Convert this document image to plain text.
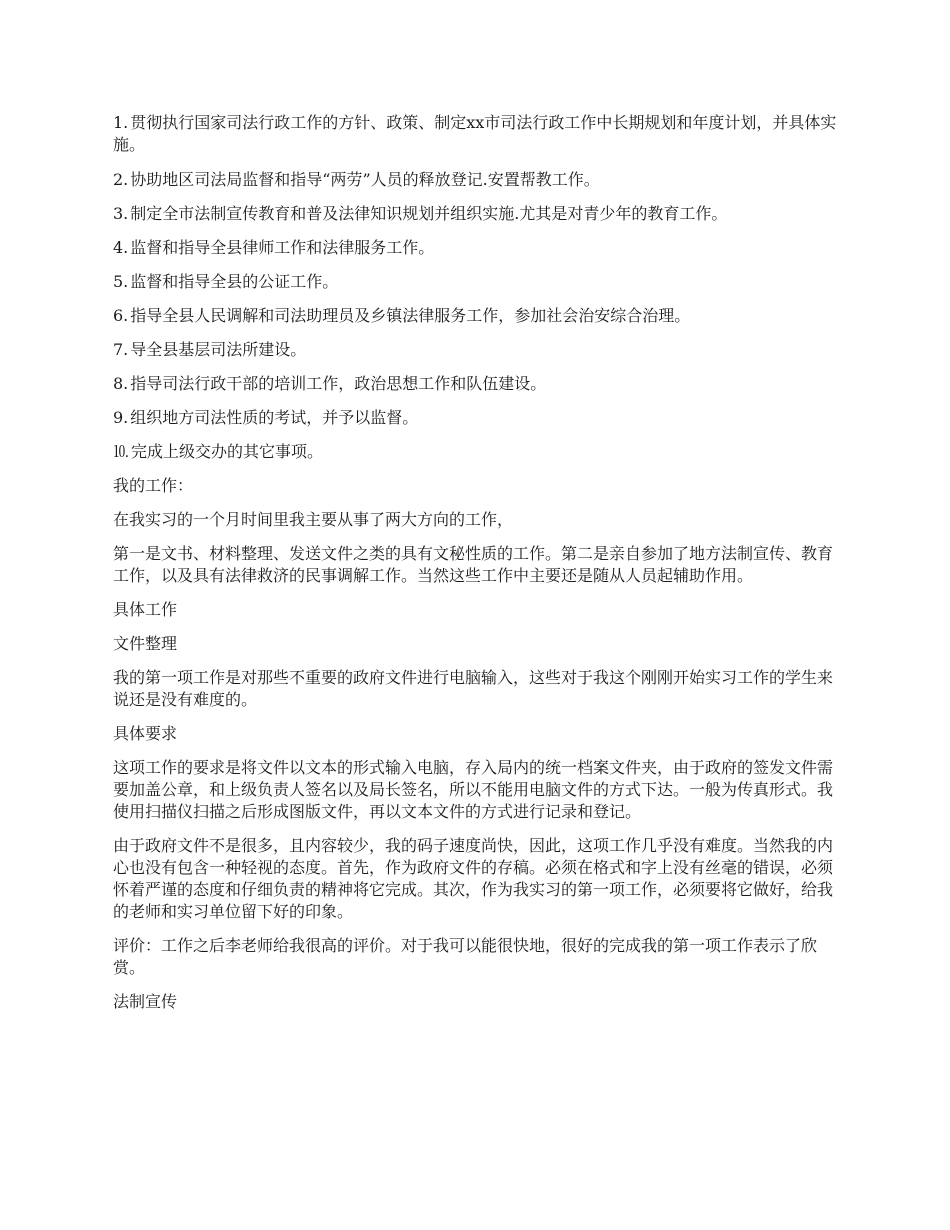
1. 贯彻执行国家司法行政工作的方针、政策、制定xx市司法行政工作中长期规划和年度计划，并具体实施。
2. 协助地区司法局监督和指导“两劳”人员的释放登记.安置帮教工作。
3. 制定全市法制宣传教育和普及法律知识规划并组织实施.尤其是对青少年的教育工作。
4. 监督和指导全县律师工作和法律服务工作。
5. 监督和指导全县的公证工作。
6. 指导全县人民调解和司法助理员及乡镇法律服务工作，参加社会治安综合治理。
7. 导全县基层司法所建设。
8. 指导司法行政干部的培训工作，政治思想工作和队伍建设。
9. 组织地方司法性质的考试，并予以监督。
⒑ 完成上级交办的其它事项。
我的工作：
在我实习的一个月时间里我主要从事了两大方向的工作，
第一是文书、材料整理、发送文件之类的具有文秘性质的工作。第二是亲自参加了地方法制宣传、教育工作，以及具有法律救济的民事调解工作。当然这些工作中主要还是随从人员起辅助作用。
具体工作
文件整理
我的第一项工作是对那些不重要的政府文件进行电脑输入，这些对于我这个刚刚开始实习工作的学生来说还是没有难度的。
具体要求
这项工作的要求是将文件以文本的形式输入电脑，存入局内的统一档案文件夹，由于政府的签发文件需要加盖公章，和上级负责人签名以及局长签名，所以不能用电脑文件的方式下达。一般为传真形式。我使用扫描仪扫描之后形成图版文件，再以文本文件的方式进行记录和登记。
由于政府文件不是很多，且内容较少，我的码子速度尚快，因此，这项工作几乎没有难度。当然我的内心也没有包含一种轻视的态度。首先，作为政府文件的存稿。必须在格式和字上没有丝毫的错误，必须怀着严谨的态度和仔细负责的精神将它完成。其次，作为我实习的第一项工作，必须要将它做好，给我的老师和实习单位留下好的印象。
评价：工作之后李老师给我很高的评价。对于我可以能很快地，很好的完成我的第一项工作表示了欣赏。
法制宣传
